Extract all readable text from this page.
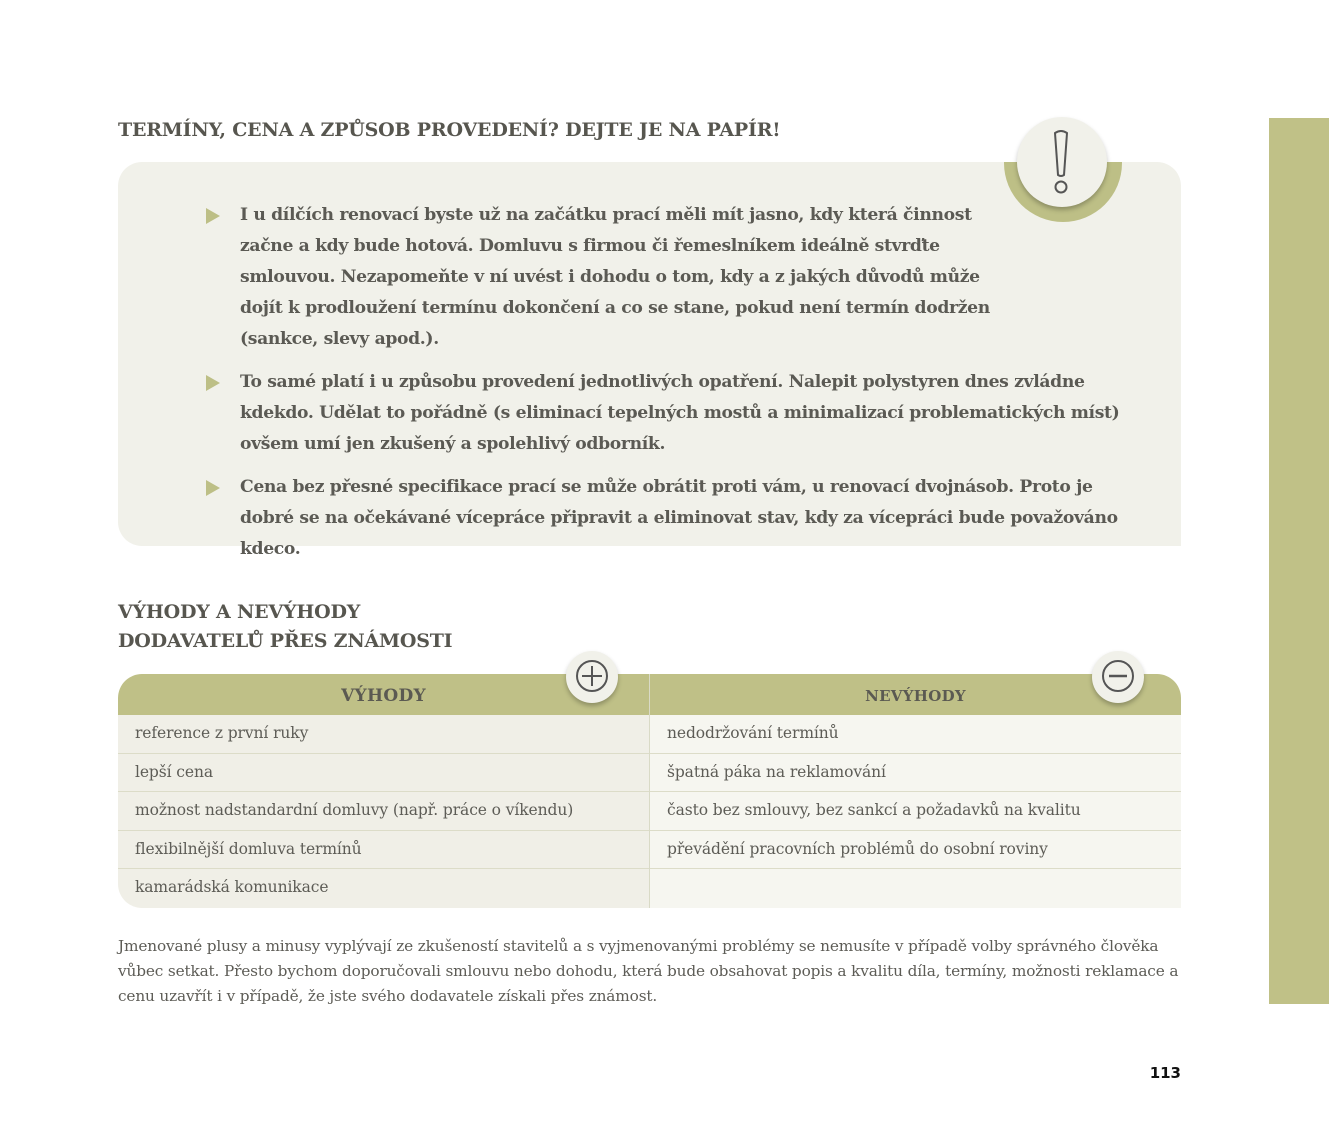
TERMÍNY, CENA A ZPŮSOB PROVEDENÍ? DEJTE JE NA PAPÍR!
I u dílčích renovací byste už na začátku prací měli mít jasno, kdy která činnost začne a kdy bude hotová. Domluvu s firmou či řemeslníkem ideálně stvrďte smlouvou. Nezapomeňte v ní uvést i dohodu o tom, kdy a z jakých důvodů může dojít k prodloužení termínu dokončení a co se stane, pokud není termín dodržen (sankce, slevy apod.).
To samé platí i u způsobu provedení jednotlivých opatření. Nalepit polystyren dnes zvládne kdekdo. Udělat to pořádně (s eliminací tepelných mostů a minimalizací problematických míst) ovšem umí jen zkušený a spolehlivý odborník.
Cena bez přesné specifikace prací se může obrátit proti vám, u renovací dvojnásob. Proto je dobré se na očekávané vícepráce připravit a eliminovat stav, kdy za vícepráci bude považováno kdeco.
VÝHODY A NEVÝHODY
DODAVATELŮ PŘES ZNÁMOSTI
VÝHODY	NEVÝHODY
reference z první ruky
lepší cena
možnost nadstandardní domluvy (např. práce o víkendu)
flexibilnější domluva termínů
kamarádská komunikace
nedodržování termínů
špatná páka na reklamování
často bez smlouvy, bez sankcí a požadavků na kvalitu
převádění pracovních problémů do osobní roviny

Jmenované plusy a minusy vyplývají ze zkušeností stavitelů a s vyjmenovanými problémy se nemusíte v případě volby správného člověka vůbec setkat. Přesto bychom doporučovali smlouvu nebo dohodu, která bude obsahovat popis a kvalitu díla, termíny, možnosti reklamace a cenu uzavřít i v případě, že jste svého dodavatele získali přes známost.

113
